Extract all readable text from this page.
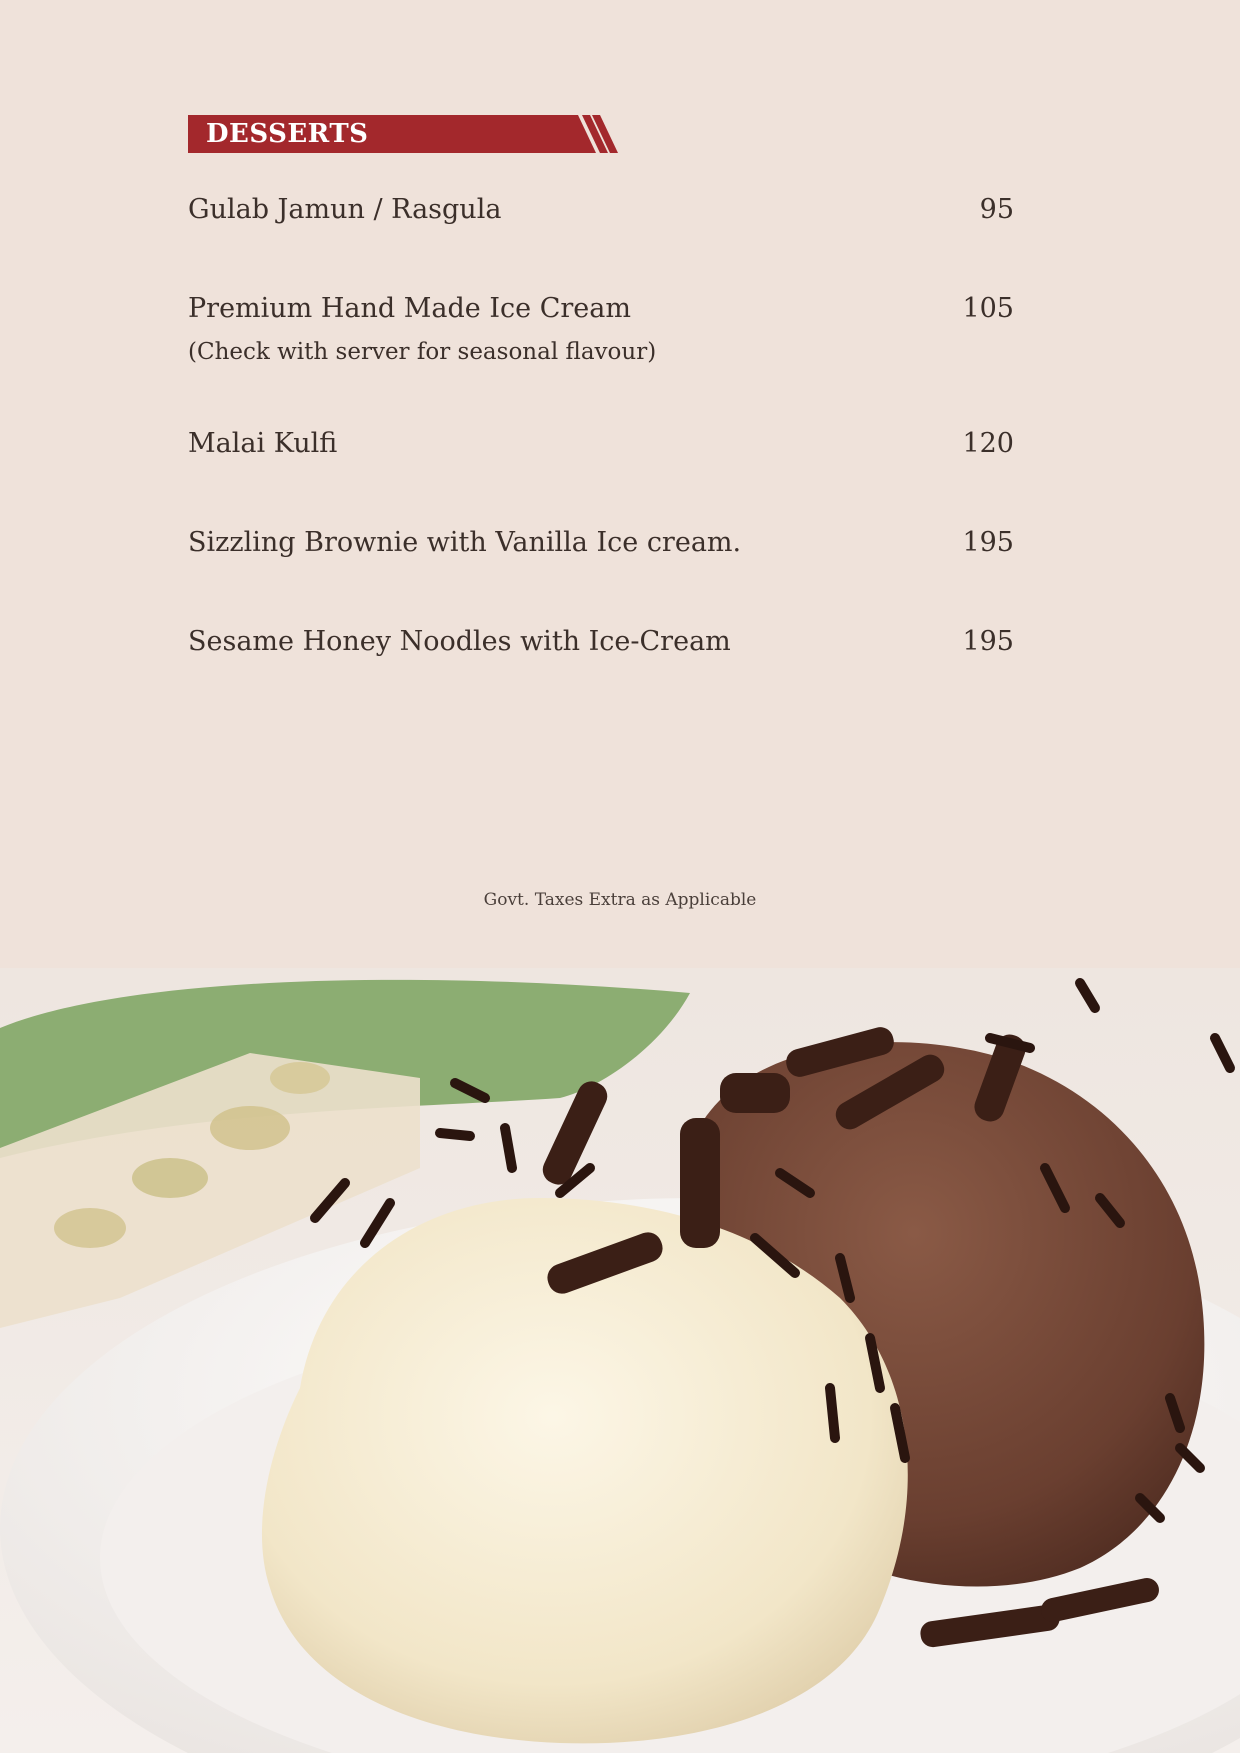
DESSERTS
Gulab Jamun / Rasgula	95
Premium Hand Made Ice Cream	105
(Check with server for seasonal flavour)
Malai Kulfi	120
Sizzling Brownie with Vanilla Ice cream.	195
Sesame Honey Noodles with Ice-Cream	195
Govt. Taxes Extra as Applicable
